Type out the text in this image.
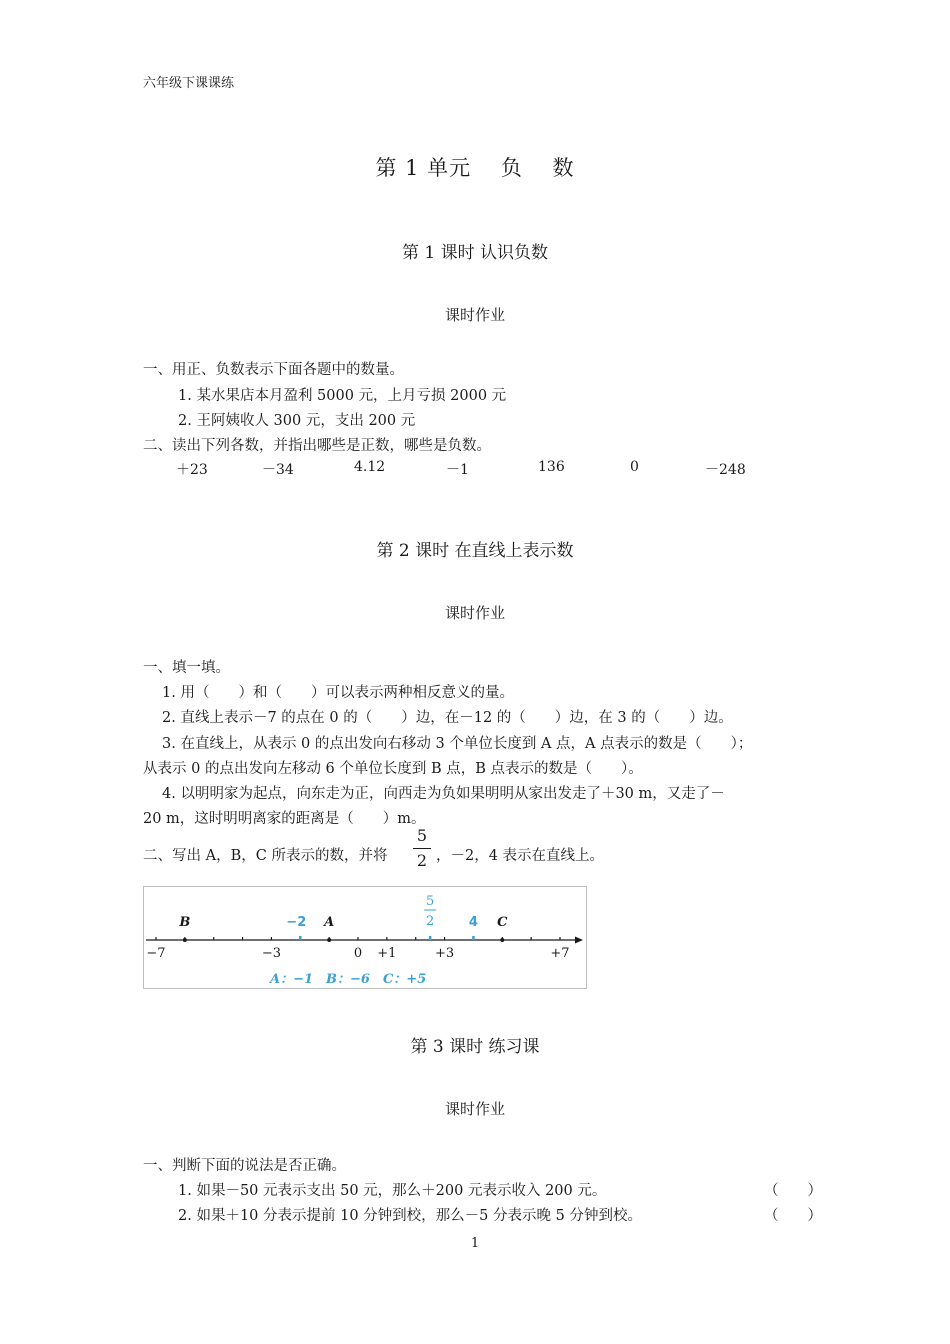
六年级下课课练
第 1 单元　 负　 数
第 1 课时 认识负数
课时作业
一、用正、负数表示下面各题中的数量。
1. 某水果店本月盈利 5000 元，上月亏损 2000 元
2. 王阿姨收人 300 元，支出 200 元
二、读出下列各数，并指出哪些是正数，哪些是负数。
＋23	－34	4.12	－1	136	0	－248
第 2 课时 在直线上表示数
课时作业
一、填一填。
1. 用（　　）和（　　）可以表示两种相反意义的量。
2. 直线上表示－7 的点在 0 的（　　）边，在－12 的（　　）边，在 3 的（　　）边。
3. 在直线上，从表示 0 的点出发向右移动 3 个单位长度到 A 点，A 点表示的数是（　　）；
从表示 0 的点出发向左移动 6 个单位长度到 B 点，B 点表示的数是（　　）。
4. 以明明家为起点，向东走为正，向西走为负如果明明从家出发走了＋30 m，又走了－
20 m，这时明明离家的距离是（　　）m。
二、写出 A，B，C 所表示的数，并将
5
2 ，－2，4 表示在直线上。
−7	−3	0 +1	+3	+7
B	A	C
−2
5
2	4
A：−1　B：−6　C：+5
第 3 课时 练习课
课时作业
一、判断下面的说法是否正确。
1. 如果－50 元表示支出 50 元，那么＋200 元表示收入 200 元。	（　　）
2. 如果＋10 分表示提前 10 分钟到校，那么－5 分表示晚 5 分钟到校。	（　　）
1
